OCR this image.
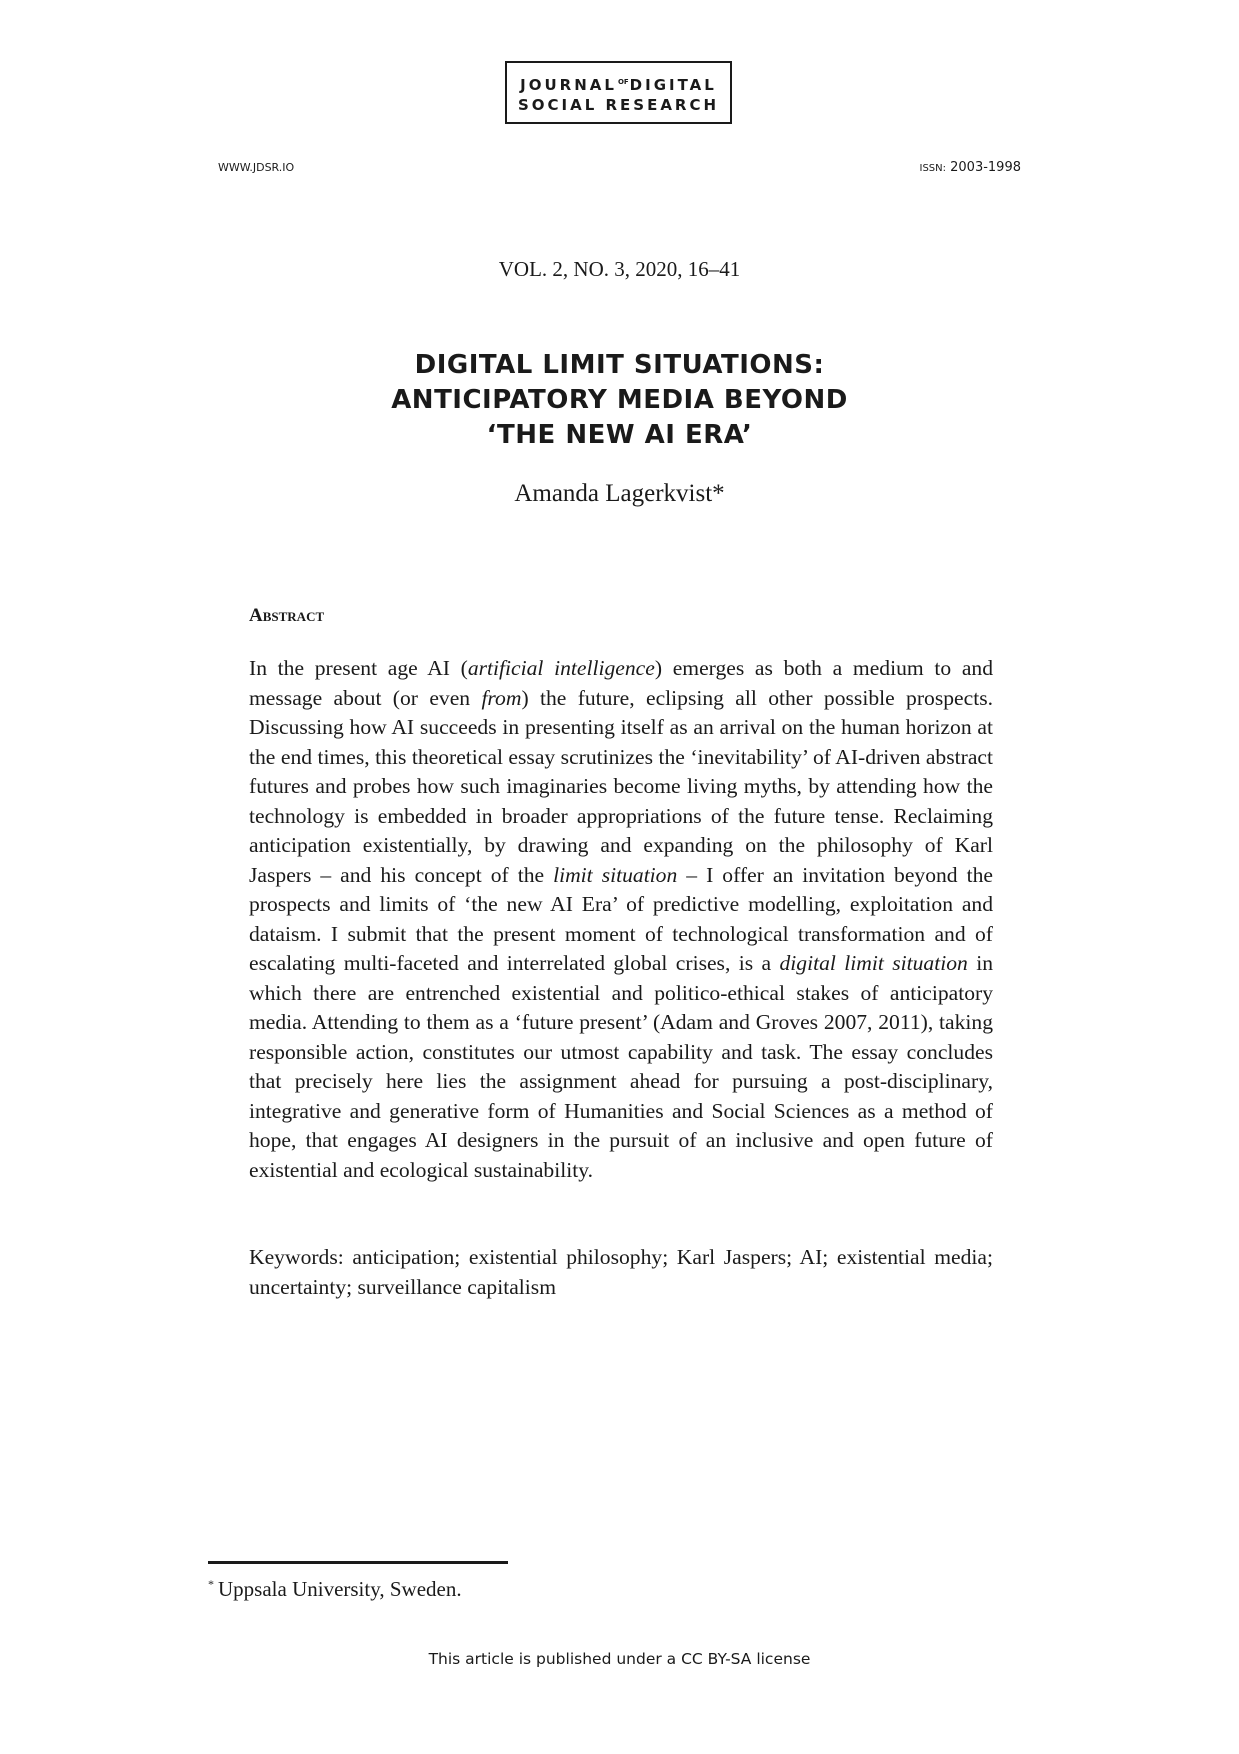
$JOURNAL^{OF}DIGITAL$
SOCIAL RESEARCH
WWW.JDSR.IO	ISSN: 2003-1998
VOL. 2, NO. 3, 2020, 16–41
DIGITAL LIMIT SITUATIONS:
ANTICIPATORY MEDIA BEYOND
‘THE NEW AI ERA’
Amanda Lagerkvist*
Abstract

In the present age AI (artificial intelligence) emerges as both a medium to and message about (or even from) the future, eclipsing all other possible prospects. Discussing how AI succeeds in presenting itself as an arrival on the human horizon at the end times, this theoretical essay scrutinizes the ‘inevitability’ of AI-driven abstract futures and probes how such imaginaries become living myths, by attending how the technology is embedded in broader appropriations of the future tense. Reclaiming anticipation existentially, by drawing and expanding on the philosophy of Karl Jaspers – and his concept of the limit situation – I offer an invitation beyond the prospects and limits of ‘the new AI Era’ of predictive modelling, exploitation and dataism. I submit that the present moment of technological transformation and of escalating multi-faceted and interrelated global crises, is a digital limit situation in which there are entrenched existential and politico-ethical stakes of anticipatory media. Attending to them as a ‘future present’ (Adam and Groves 2007, 2011), taking responsible action, constitutes our utmost capability and task. The essay concludes that precisely here lies the assignment ahead for pursuing a post-disciplinary, integrative and generative form of Humanities and Social Sciences as a method of hope, that engages AI designers in the pursuit of an inclusive and open future of existential and ecological sustainability.

Keywords: anticipation; existential philosophy; Karl Jaspers; AI; existential media; uncertainty; surveillance capitalism

* Uppsala University, Sweden.
This article is published under a CC BY-SA license
